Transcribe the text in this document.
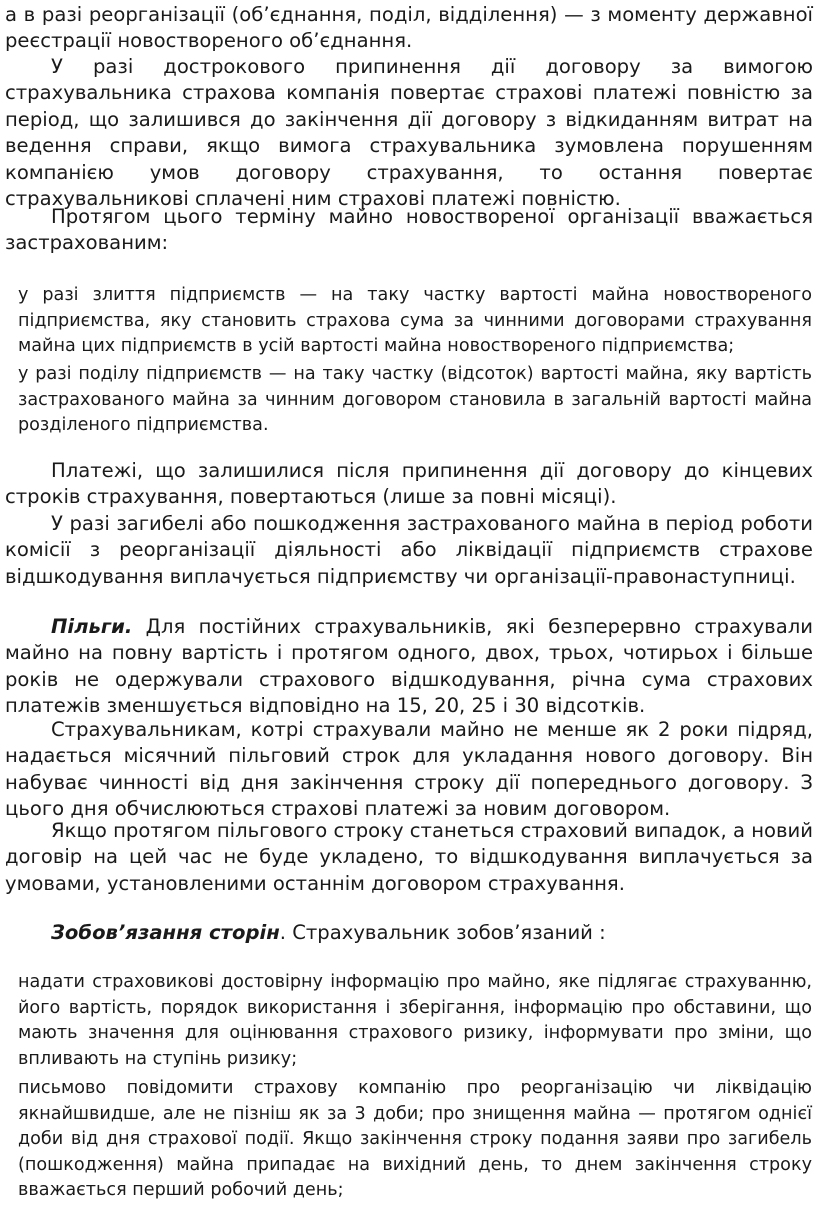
а в разі реорганізації (об’єднання, поділ, відділення) — з моменту державної реєстрації новоствореного об’єднання.

У разі дострокового припинення дії договору за вимогою страхувальника страхова компанія повертає страхові платежі повністю за період, що залишився до закінчення дії договору з відкиданням витрат на ведення справи, якщо вимога страхувальника зумовлена порушенням компанією умов договору страхування, то остання повертає страхувальникові сплачені ним страхові платежі повністю.

Протягом цього терміну майно новоствореної організації вважається застрахованим:

у разі злиття підприємств — на таку частку вартості майна новоствореного підприємства, яку становить страхова сума за чинними договорами страхування майна цих підприємств в усій вартості майна новоствореного підприємства;

у разі поділу підприємств — на таку частку (відсоток) вартості майна, яку вартість застрахованого майна за чинним договором становила в загальній вартості майна розділеного підприємства.

Платежі, що залишилися після припинення дії договору до кінцевих строків страхування, повертаються (лише за повні місяці).

У разі загибелі або пошкодження застрахованого майна в період роботи комісії з реорганізації діяльності або ліквідації підприємств страхове відшкодування виплачується підприємству чи організації-правонаступниці.

Пільги. Для постійних страхувальників, які безперервно страхували майно на повну вартість і протягом одного, двох, трьох, чотирьох і більше років не одержували страхового відшкодування, річна сума страхових платежів зменшується відповідно на 15, 20, 25 і 30 відсотків.

Страхувальникам, котрі страхували майно не менше як 2 роки підряд, надається місячний пільговий строк для укладання нового договору. Він набуває чинності від дня закінчення строку дії попереднього договору. З цього дня обчислюються страхові платежі за новим договором.

Якщо протягом пільгового строку станеться страховий випадок, а новий договір на цей час не буде укладено, то відшкодування виплачується за умовами, установленими останнім договором страхування.

Зобов’язання сторін. Страхувальник зобов’язаний :

надати страховикові достовірну інформацію про майно, яке підлягає страхуванню, його вартість, порядок використання і зберігання, інформацію про обставини, що мають значення для оцінювання страхового ризику, інформувати про зміни, що впливають на ступінь ризику;

письмово повідомити страхову компанію про реорганізацію чи ліквідацію якнайшвидше, але не пізніш як за 3 доби; про знищення майна — протягом однієї доби від дня страхової події. Якщо закінчення строку подання заяви про загибель (пошкодження) майна припадає на вихідний день, то днем закінчення строку вважається перший робочий день;
